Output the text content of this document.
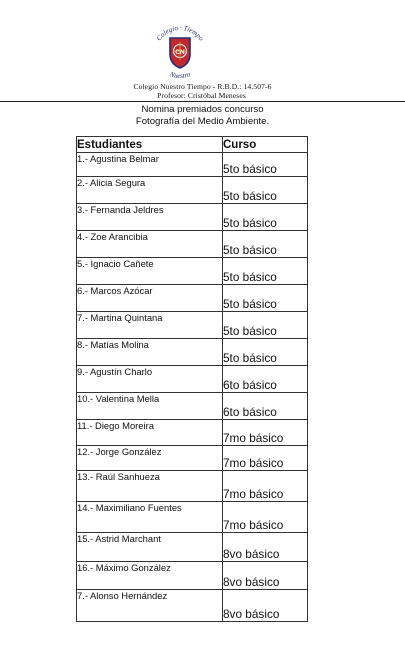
Colegio · Tiempo
Nuestro
CN
Colegio Nuestro Tiempo - R.B.D.: 14.507-6
Profesor: Cristóbal Meneses
Nomina premiados concurso
Fotografía del Medio Ambiente.
Estudiantes	Curso
1.- Agustina Belmar	5to básico
2.- Alicia Segura	5to básico
3.- Fernanda Jeldres	5to básico
4.- Zoe Arancibia	5to básico
5.- Ignacio Cañete	5to básico
6.- Marcos Azócar	5to básico
7.- Martina Quintana	5to básico
8.- Matías Molina	5to básico
9.- Agustín Charlo	6to básico
10.- Valentina Mella	6to básico
11.- Diego Moreira	7mo básico
12.- Jorge González	7mo básico
13.- Raúl Sanhueza	7mo básico
14.- Maximiliano Fuentes	7mo básico
15.- Astrid Marchant	8vo básico
16.- Máximo González	8vo básico
7.- Alonso Hernández	8vo básico
